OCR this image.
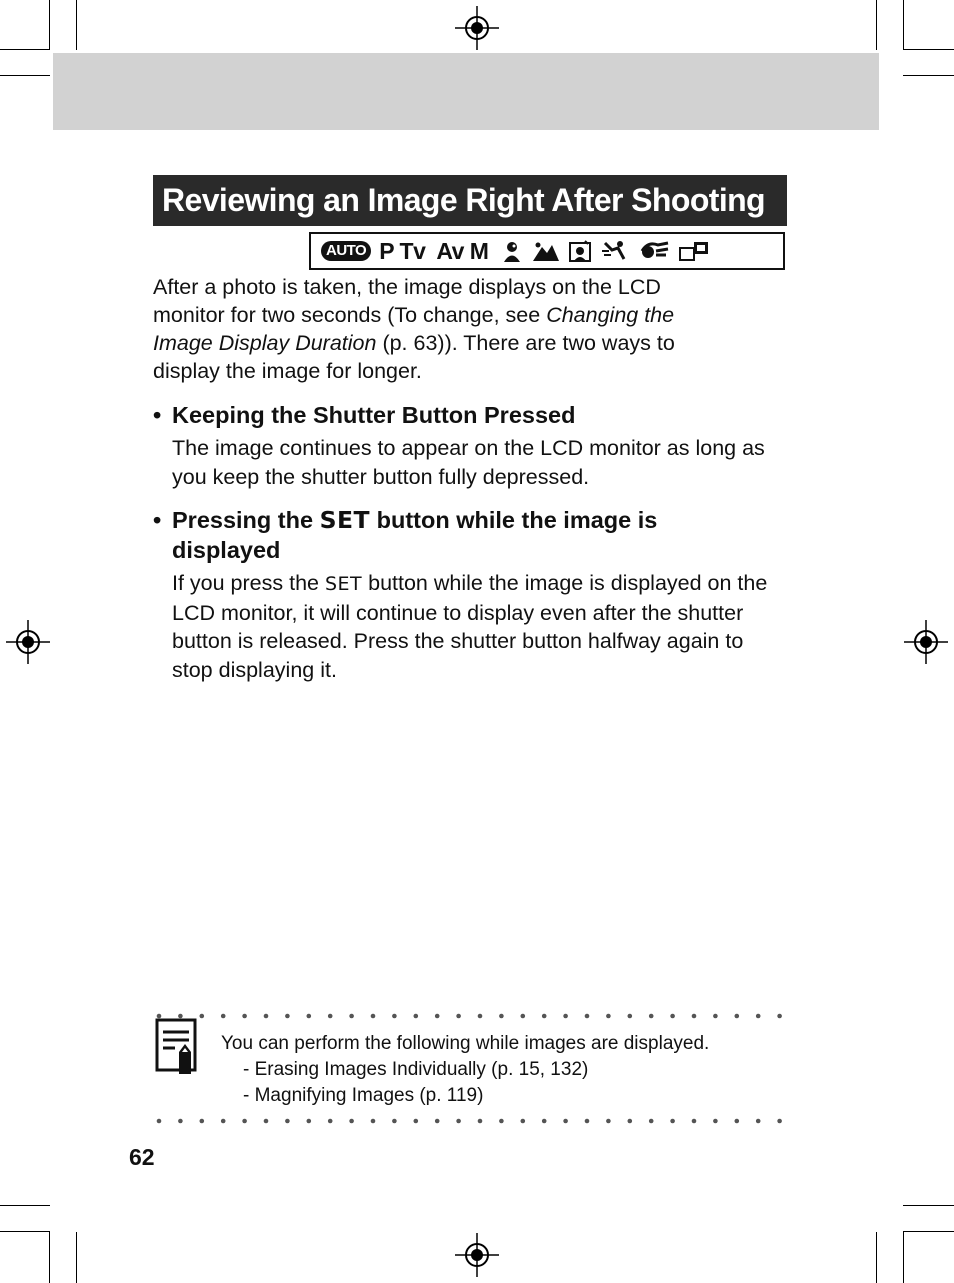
Reviewing an Image Right After Shooting
AUTO P Tv  Av M

After a photo is taken, the image displays on the LCD
monitor for two seconds (To change, see Changing the
Image Display Duration (p. 63)). There are two ways to
display the image for longer.

• Keeping the Shutter Button Pressed

The image continues to appear on the LCD monitor as long as you keep the shutter button fully depressed.

• Pressing the SET button while the image is
displayed

If you press the SET button while the image is displayed on the LCD monitor, it will continue to display even after the shutter button is released. Press the shutter button halfway again to stop displaying it.

You can perform the following while images are displayed.
- Erasing Images Individually (p. 15, 132)
- Magnifying Images (p. 119)

62
